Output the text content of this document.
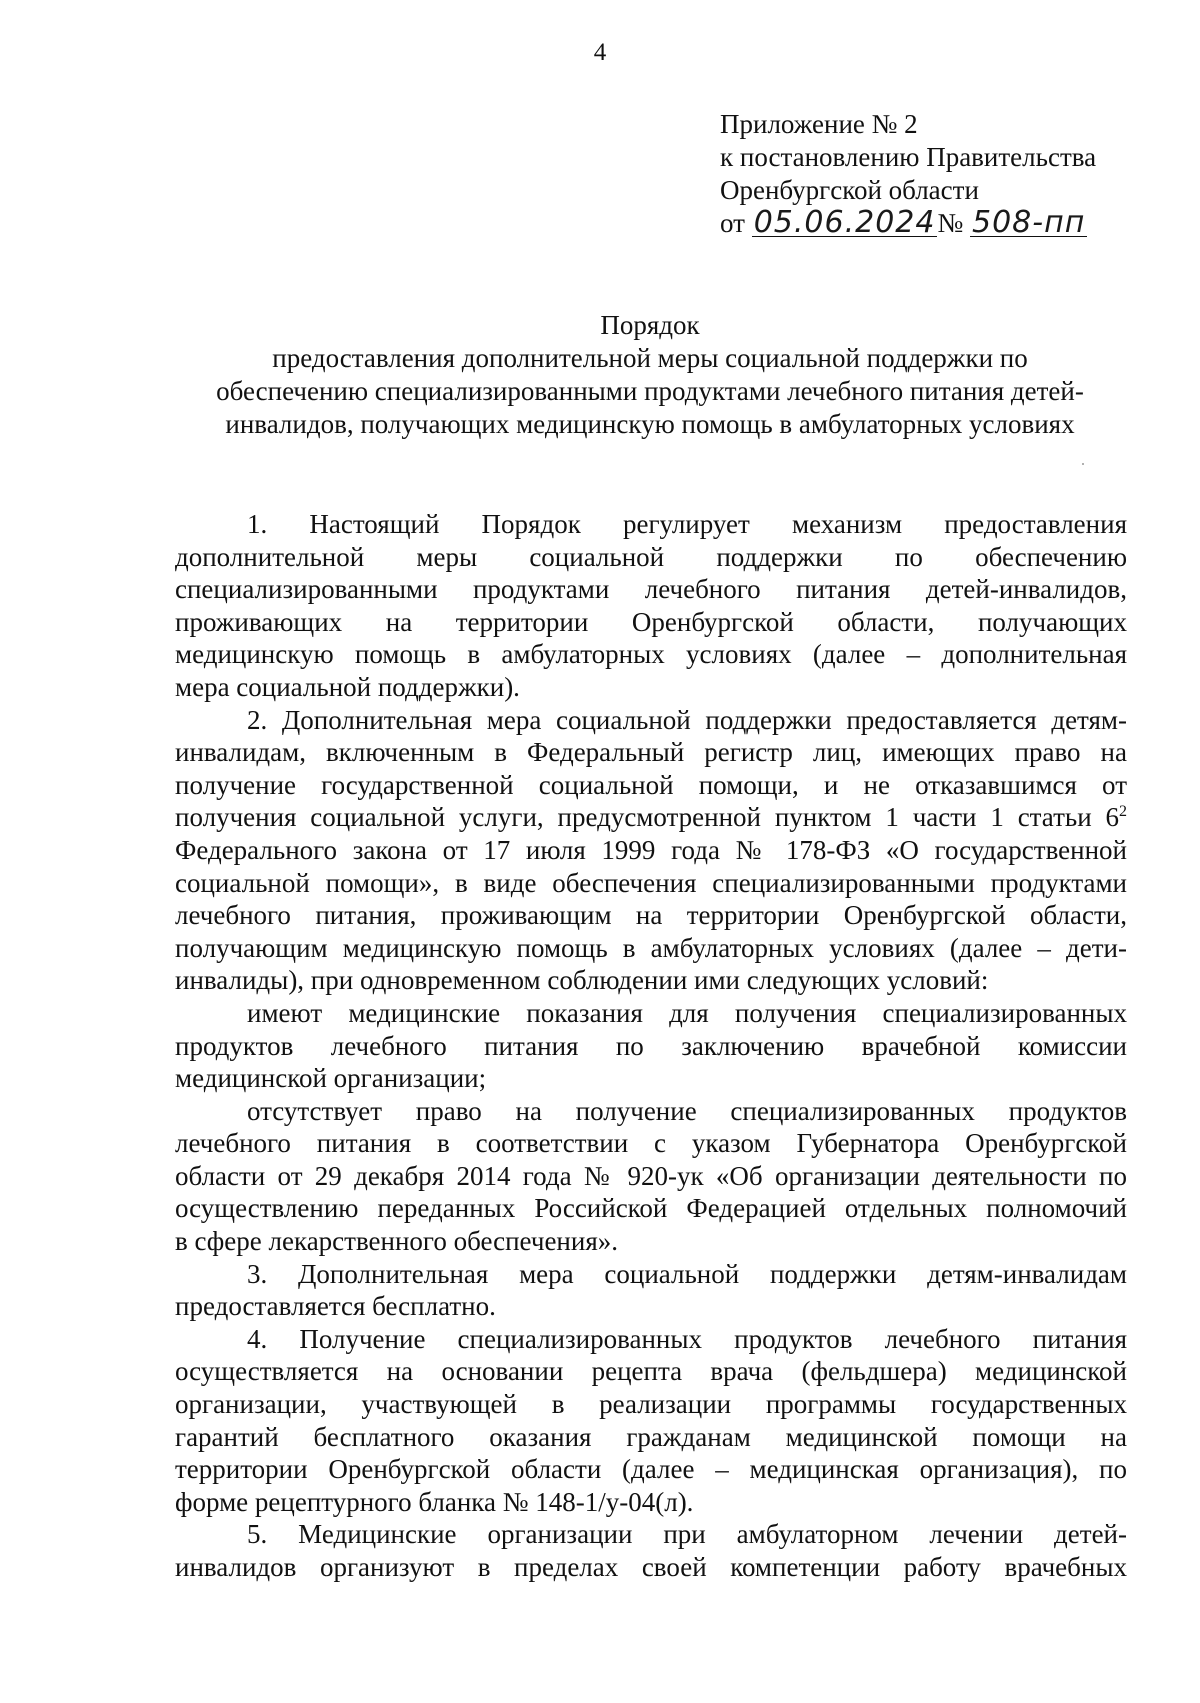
4
Приложение № 2
к постановлению Правительства
Оренбургской области
от 05.06.2024№ 508-пп
Порядок
предоставления дополнительной меры социальной поддержки по
обеспечению специализированными продуктами лечебного питания детей-
инвалидов, получающих медицинскую помощь в амбулаторных условиях
1. Настоящий Порядок регулирует механизм предоставления
дополнительной меры социальной поддержки по обеспечению
специализированными продуктами лечебного питания детей-инвалидов,
проживающих на территории Оренбургской области, получающих
медицинскую помощь в амбулаторных условиях (далее – дополнительная
мера социальной поддержки).
2. Дополнительная мера социальной поддержки предоставляется детям-
инвалидам, включенным в Федеральный регистр лиц, имеющих право на
получение государственной социальной помощи, и не отказавшимся от
получения социальной услуги, предусмотренной пунктом 1 части 1 статьи $6^2$
Федерального закона от 17 июля 1999 года № 178-ФЗ «О государственной
социальной помощи», в виде обеспечения специализированными продуктами
лечебного питания, проживающим на территории Оренбургской области,
получающим медицинскую помощь в амбулаторных условиях (далее – дети-
инвалиды), при одновременном соблюдении ими следующих условий:
имеют медицинские показания для получения специализированных
продуктов лечебного питания по заключению врачебной комиссии
медицинской организации;
отсутствует право на получение специализированных продуктов
лечебного питания в соответствии с указом Губернатора Оренбургской
области от 29 декабря 2014 года № 920-ук «Об организации деятельности по
осуществлению переданных Российской Федерацией отдельных полномочий
в сфере лекарственного обеспечения».
3. Дополнительная мера социальной поддержки детям-инвалидам
предоставляется бесплатно.
4. Получение специализированных продуктов лечебного питания
осуществляется на основании рецепта врача (фельдшера) медицинской
организации, участвующей в реализации программы государственных
гарантий бесплатного оказания гражданам медицинской помощи на
территории Оренбургской области (далее – медицинская организация), по
форме рецептурного бланка № 148-1/у-04(л).
5. Медицинские организации при амбулаторном лечении детей-
инвалидов организуют в пределах своей компетенции работу врачебных
